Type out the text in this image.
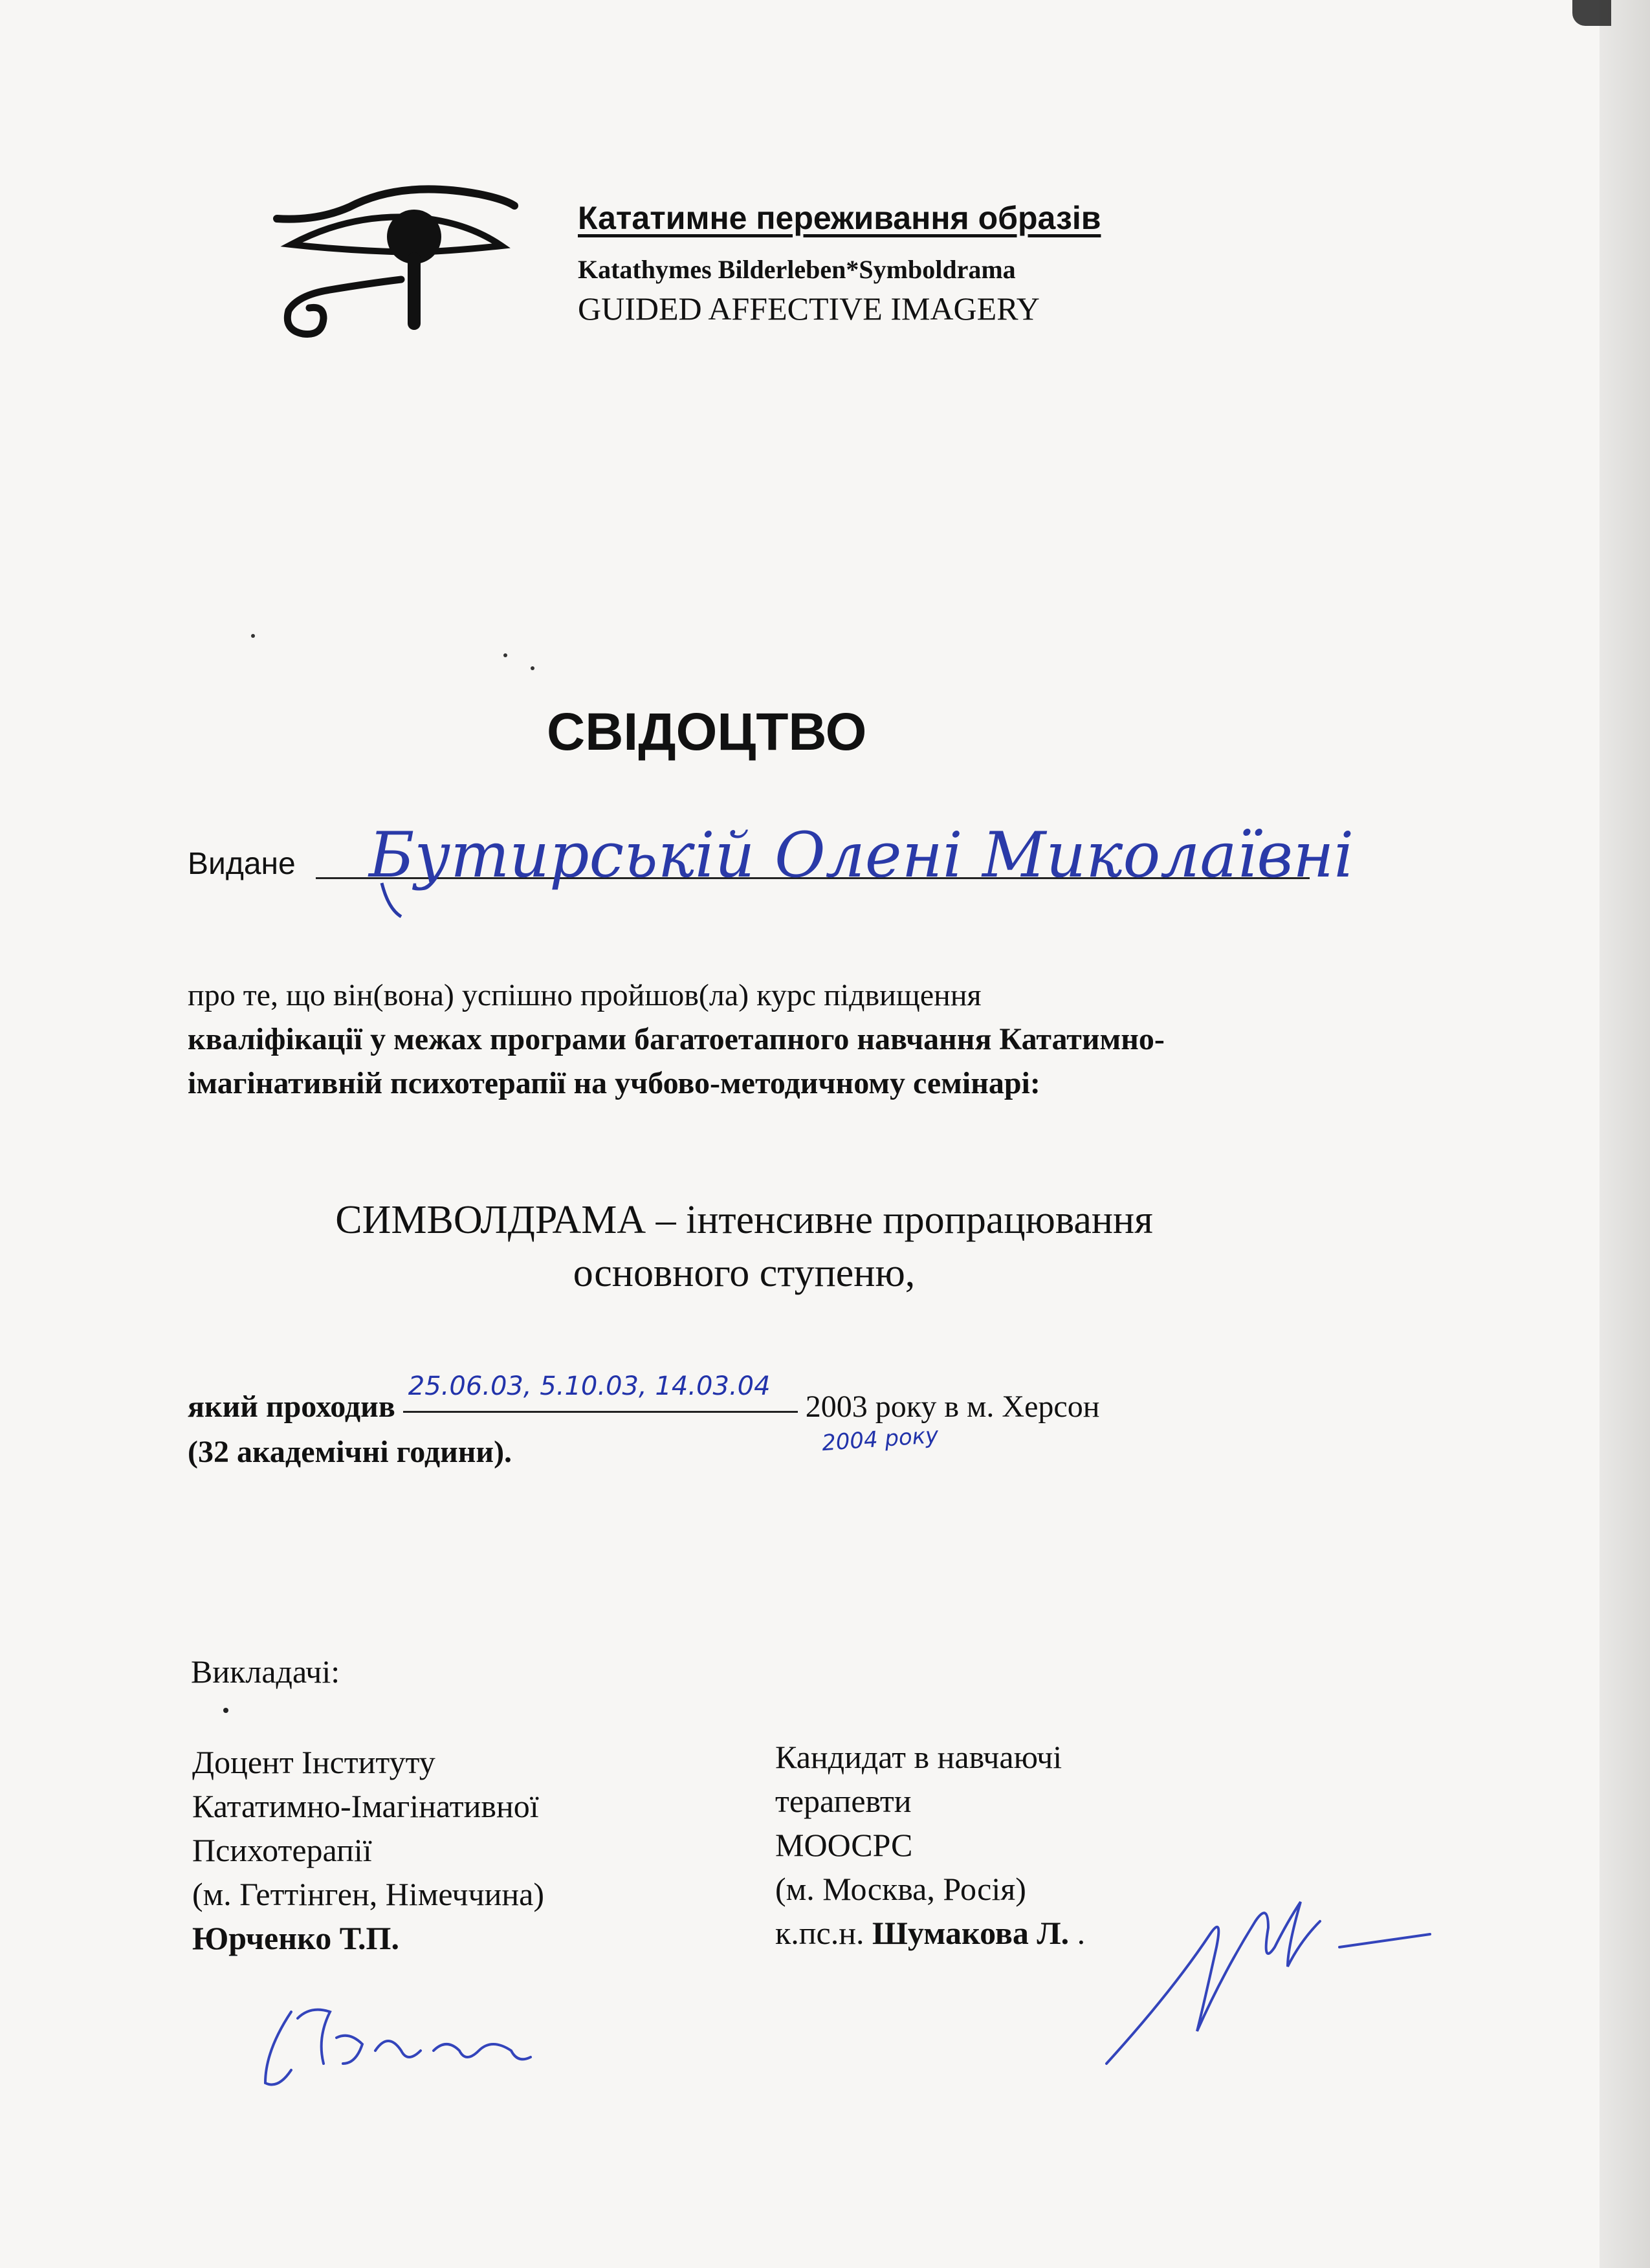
Кататимне переживання образів
Katathymes Bilderleben*Symboldrama
GUIDED AFFECTIVE IMAGERY
СВІДОЦТВО
Видане Бутирській Олені Миколаївні
про те, що він(вона) успішно пройшов(ла) курс підвищення
кваліфікації у межах програми багатоетапного навчання Кататимно-
імагінативній психотерапії на учбово-методичному семінарі:
СИМВОЛДРАМА – інтенсивне пропрацювання
основного ступеню,
який проходив
25.06.03, 5.10.03, 14.03.04
2003 року в м. Херсон
2004 року
(32 академічні години).
Викладачі:
Доцент Інституту
Кататимно-Імагінативної
Психотерапії
(м. Геттінген, Німеччина)
Юрченко Т.П.
Кандидат в навчаючі
терапевти
МООСРС
(м. Москва, Росія)
к.пс.н. Шумакова Л. .
